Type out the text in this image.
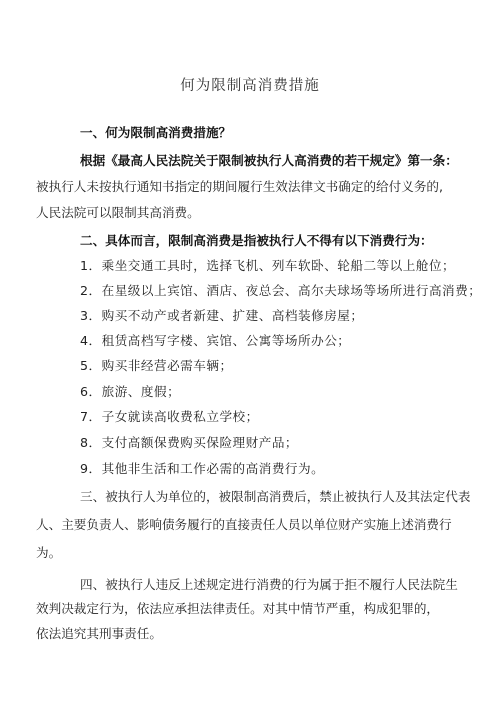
何为限制高消费措施
一、何为限制高消费措施？
根据《最高人民法院关于限制被执行人高消费的若干规定》第一条：
被执行人未按执行通知书指定的期间履行生效法律文书确定的给付义务的,
人民法院可以限制其高消费。
二、具体而言，限制高消费是指被执行人不得有以下消费行为：
1．乘坐交通工具时，选择飞机、列车软卧、轮船二等以上舱位；
2．在星级以上宾馆、酒店、夜总会、高尔夫球场等场所进行高消费；
3．购买不动产或者新建、扩建、高档装修房屋；
4．租赁高档写字楼、宾馆、公寓等场所办公；
5．购买非经营必需车辆；
6．旅游、度假；
7．子女就读高收费私立学校；
8．支付高额保费购买保险理财产品；
9．其他非生活和工作必需的高消费行为。
三、被执行人为单位的，被限制高消费后，禁止被执行人及其法定代表
人、主要负责人、影响债务履行的直接责任人员以单位财产实施上述消费行
为。
四、被执行人违反上述规定进行消费的行为属于拒不履行人民法院生
效判决裁定行为，依法应承担法律责任。对其中情节严重，构成犯罪的，
依法追究其刑事责任。
